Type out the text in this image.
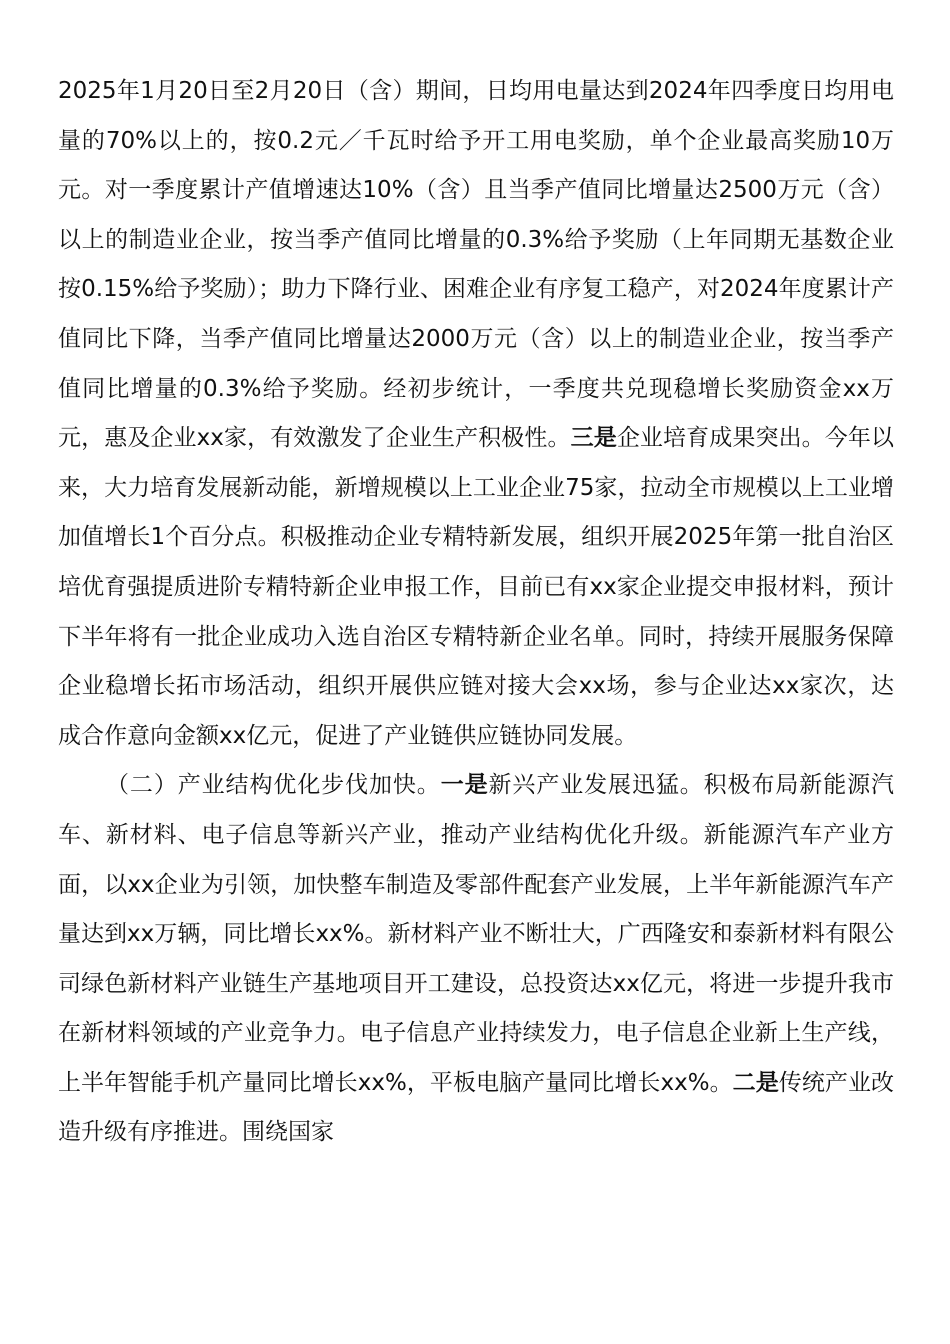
2025年1月20日至2月20日（含）期间，日均用电量达到2024年四季度日均用电量的70%以上的，按0.2元／千瓦时给予开工用电奖励，单个企业最高奖励10万元。对一季度累计产值增速达10%（含）且当季产值同比增量达2500万元（含）以上的制造业企业，按当季产值同比增量的0.3%给予奖励（上年同期无基数企业按0.15%给予奖励）；助力下降行业、困难企业有序复工稳产，对2024年度累计产值同比下降，当季产值同比增量达2000万元（含）以上的制造业企业，按当季产值同比增量的0.3%给予奖励。经初步统计，一季度共兑现稳增长奖励资金xx万元，惠及企业xx家，有效激发了企业生产积极性。三是企业培育成果突出。今年以来，大力培育发展新动能，新增规模以上工业企业75家，拉动全市规模以上工业增加值增长1个百分点。积极推动企业专精特新发展，组织开展2025年第一批自治区培优育强提质进阶专精特新企业申报工作，目前已有xx家企业提交申报材料，预计下半年将有一批企业成功入选自治区专精特新企业名单。同时，持续开展服务保障企业稳增长拓市场活动，组织开展供应链对接大会xx场，参与企业达xx家次，达成合作意向金额xx亿元，促进了产业链供应链协同发展。

（二）产业结构优化步伐加快。一是新兴产业发展迅猛。积极布局新能源汽车、新材料、电子信息等新兴产业，推动产业结构优化升级。新能源汽车产业方面，以xx企业为引领，加快整车制造及零部件配套产业发展，上半年新能源汽车产量达到xx万辆，同比增长xx%。新材料产业不断壮大，广西隆安和泰新材料有限公司绿色新材料产业链生产基地项目开工建设，总投资达xx亿元，将进一步提升我市在新材料领域的产业竞争力。电子信息产业持续发力，电子信息企业新上生产线，上半年智能手机产量同比增长xx%，平板电脑产量同比增长xx%。二是传统产业改造升级有序推进。围绕国家
